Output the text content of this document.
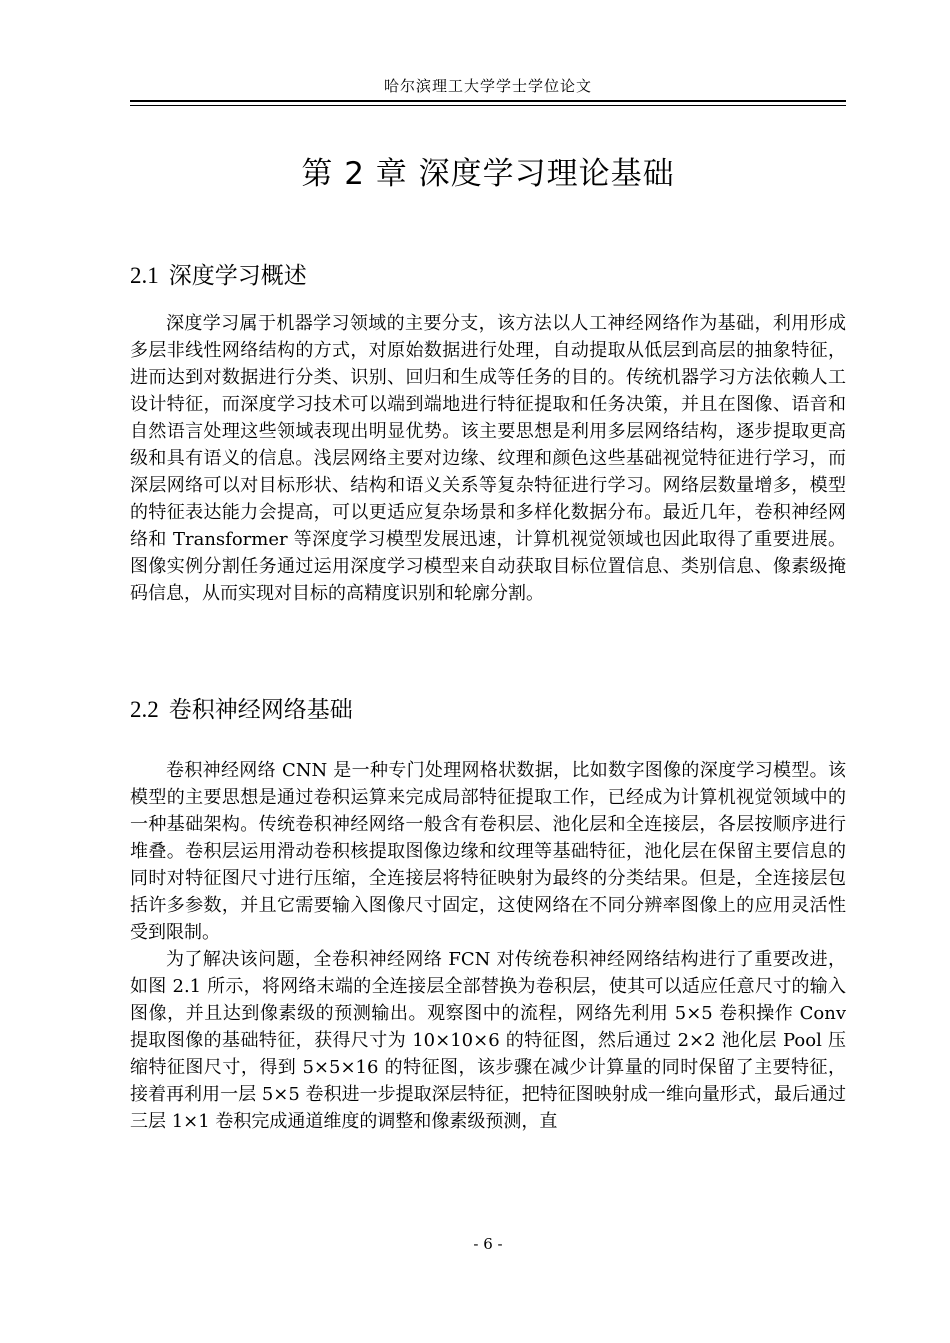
哈尔滨理工大学学士学位论文
第 2 章 深度学习理论基础
2.1 深度学习概述

深度学习属于机器学习领域的主要分支，该方法以人工神经网络作为基础，利用形成多层非线性网络结构的方式，对原始数据进行处理，自动提取从低层到高层的抽象特征，进而达到对数据进行分类、识别、回归和生成等任务的目的。传统机器学习方法依赖人工设计特征，而深度学习技术可以端到端地进行特征提取和任务决策，并且在图像、语音和自然语言处理这些领域表现出明显优势。该主要思想是利用多层网络结构，逐步提取更高级和具有语义的信息。浅层网络主要对边缘、纹理和颜色这些基础视觉特征进行学习，而深层网络可以对目标形状、结构和语义关系等复杂特征进行学习。网络层数量增多，模型的特征表达能力会提高，可以更适应复杂场景和多样化数据分布。最近几年，卷积神经网络和 Transformer 等深度学习模型发展迅速，计算机视觉领域也因此取得了重要进展。图像实例分割任务通过运用深度学习模型来自动获取目标位置信息、类别信息、像素级掩码信息，从而实现对目标的高精度识别和轮廓分割。

2.2 卷积神经网络基础

卷积神经网络 CNN 是一种专门处理网格状数据，比如数字图像的深度学习模型。该模型的主要思想是通过卷积运算来完成局部特征提取工作，已经成为计算机视觉领域中的一种基础架构。传统卷积神经网络一般含有卷积层、池化层和全连接层，各层按顺序进行堆叠。卷积层运用滑动卷积核提取图像边缘和纹理等基础特征，池化层在保留主要信息的同时对特征图尺寸进行压缩，全连接层将特征映射为最终的分类结果。但是，全连接层包括许多参数，并且它需要输入图像尺寸固定，这使网络在不同分辨率图像上的应用灵活性受到限制。

为了解决该问题，全卷积神经网络 FCN 对传统卷积神经网络结构进行了重要改进，如图 2.1 所示，将网络末端的全连接层全部替换为卷积层，使其可以适应任意尺寸的输入图像，并且达到像素级的预测输出。观察图中的流程，网络先利用 5×5 卷积操作 Conv 提取图像的基础特征，获得尺寸为 10×10×6 的特征图，然后通过 2×2 池化层 Pool 压缩特征图尺寸，得到 5×5×16 的特征图，该步骤在减少计算量的同时保留了主要特征，接着再利用一层 5×5 卷积进一步提取深层特征，把特征图映射成一维向量形式，最后通过三层 1×1 卷积完成通道维度的调整和像素级预测，直

- 6 -
